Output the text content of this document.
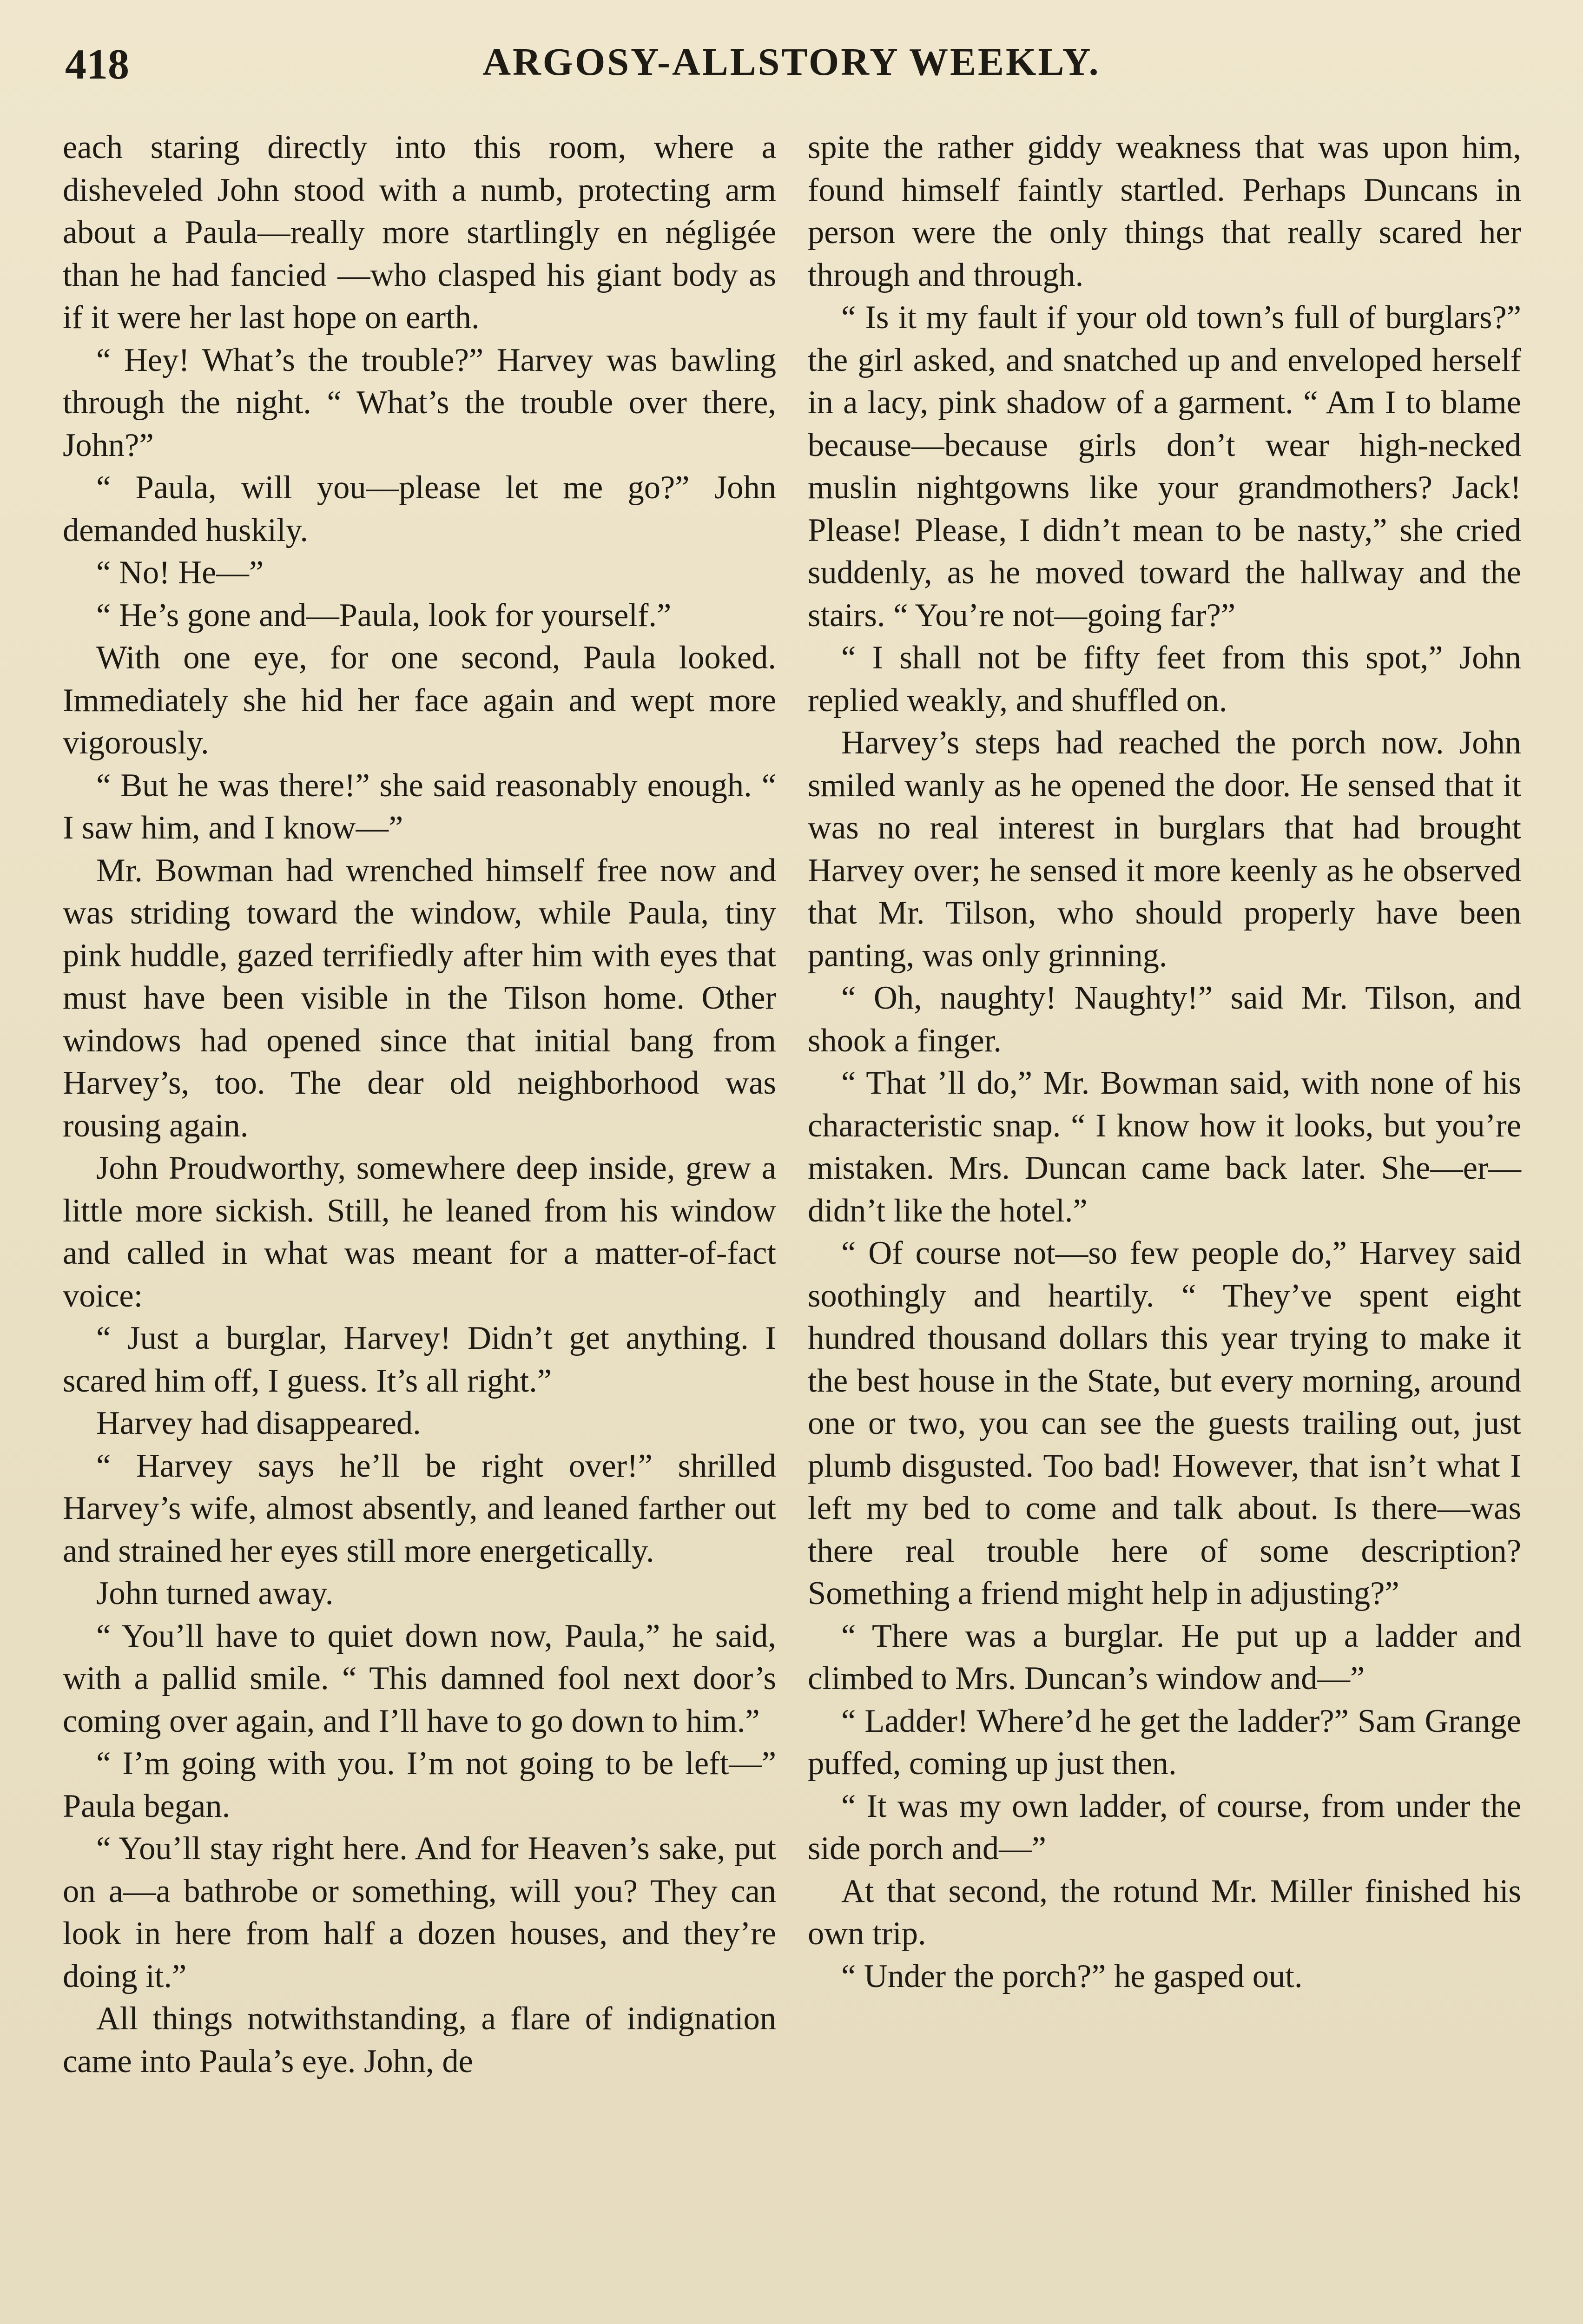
418	ARGOSY-ALLSTORY WEEKLY.

each staring directly into this room, where a disheveled John stood with a numb, protecting arm about a Paula—really more startlingly en négligée than he had fancied —who clasped his giant body as if it were her last hope on earth.

“ Hey! What’s the trouble?” Harvey was bawling through the night. “ What’s the trouble over there, John?”

“ Paula, will you—please let me go?” John demanded huskily.

“ No! He—”

“ He’s gone and—Paula, look for yourself.”

With one eye, for one second, Paula looked. Immediately she hid her face again and wept more vigorously.

“ But he was there!” she said reasonably enough. “ I saw him, and I know—”

Mr. Bowman had wrenched himself free now and was striding toward the window, while Paula, tiny pink huddle, gazed terrifiedly after him with eyes that must have been visible in the Tilson home. Other windows had opened since that initial bang from Harvey’s, too. The dear old neighborhood was rousing again.

John Proudworthy, somewhere deep inside, grew a little more sickish. Still, he leaned from his window and called in what was meant for a matter-of-fact voice:

“ Just a burglar, Harvey! Didn’t get anything. I scared him off, I guess. It’s all right.”

Harvey had disappeared.

“ Harvey says he’ll be right over!” shrilled Harvey’s wife, almost absently, and leaned farther out and strained her eyes still more energetically.

John turned away.

“ You’ll have to quiet down now, Paula,” he said, with a pallid smile. “ This damned fool next door’s coming over again, and I’ll have to go down to him.”

“ I’m going with you. I’m not going to be left—” Paula began.

“ You’ll stay right here. And for Heaven’s sake, put on a—a bathrobe or something, will you? They can look in here from half a dozen houses, and they’re doing it.”

All things notwithstanding, a flare of indignation came into Paula’s eye. John, de

spite the rather giddy weakness that was upon him, found himself faintly startled. Perhaps Duncans in person were the only things that really scared her through and through.

“ Is it my fault if your old town’s full of burglars?” the girl asked, and snatched up and enveloped herself in a lacy, pink shadow of a garment. “ Am I to blame because—because girls don’t wear high-necked muslin nightgowns like your grandmothers? Jack! Please! Please, I didn’t mean to be nasty,” she cried suddenly, as he moved toward the hallway and the stairs. “ You’re not—going far?”

“ I shall not be fifty feet from this spot,” John replied weakly, and shuffled on.

Harvey’s steps had reached the porch now. John smiled wanly as he opened the door. He sensed that it was no real interest in burglars that had brought Harvey over; he sensed it more keenly as he observed that Mr. Tilson, who should properly have been panting, was only grinning.

“ Oh, naughty! Naughty!” said Mr. Tilson, and shook a finger.

“ That ’ll do,” Mr. Bowman said, with none of his characteristic snap. “ I know how it looks, but you’re mistaken. Mrs. Duncan came back later. She—er—didn’t like the hotel.”

“ Of course not—so few people do,” Harvey said soothingly and heartily. “ They’ve spent eight hundred thousand dollars this year trying to make it the best house in the State, but every morning, around one or two, you can see the guests trailing out, just plumb disgusted. Too bad! However, that isn’t what I left my bed to come and talk about. Is there—was there real trouble here of some description? Something a friend might help in adjusting?”

“ There was a burglar. He put up a ladder and climbed to Mrs. Duncan’s window and—”

“ Ladder! Where’d he get the ladder?” Sam Grange puffed, coming up just then.

“ It was my own ladder, of course, from under the side porch and—”

At that second, the rotund Mr. Miller finished his own trip.

“ Under the porch?” he gasped out.
